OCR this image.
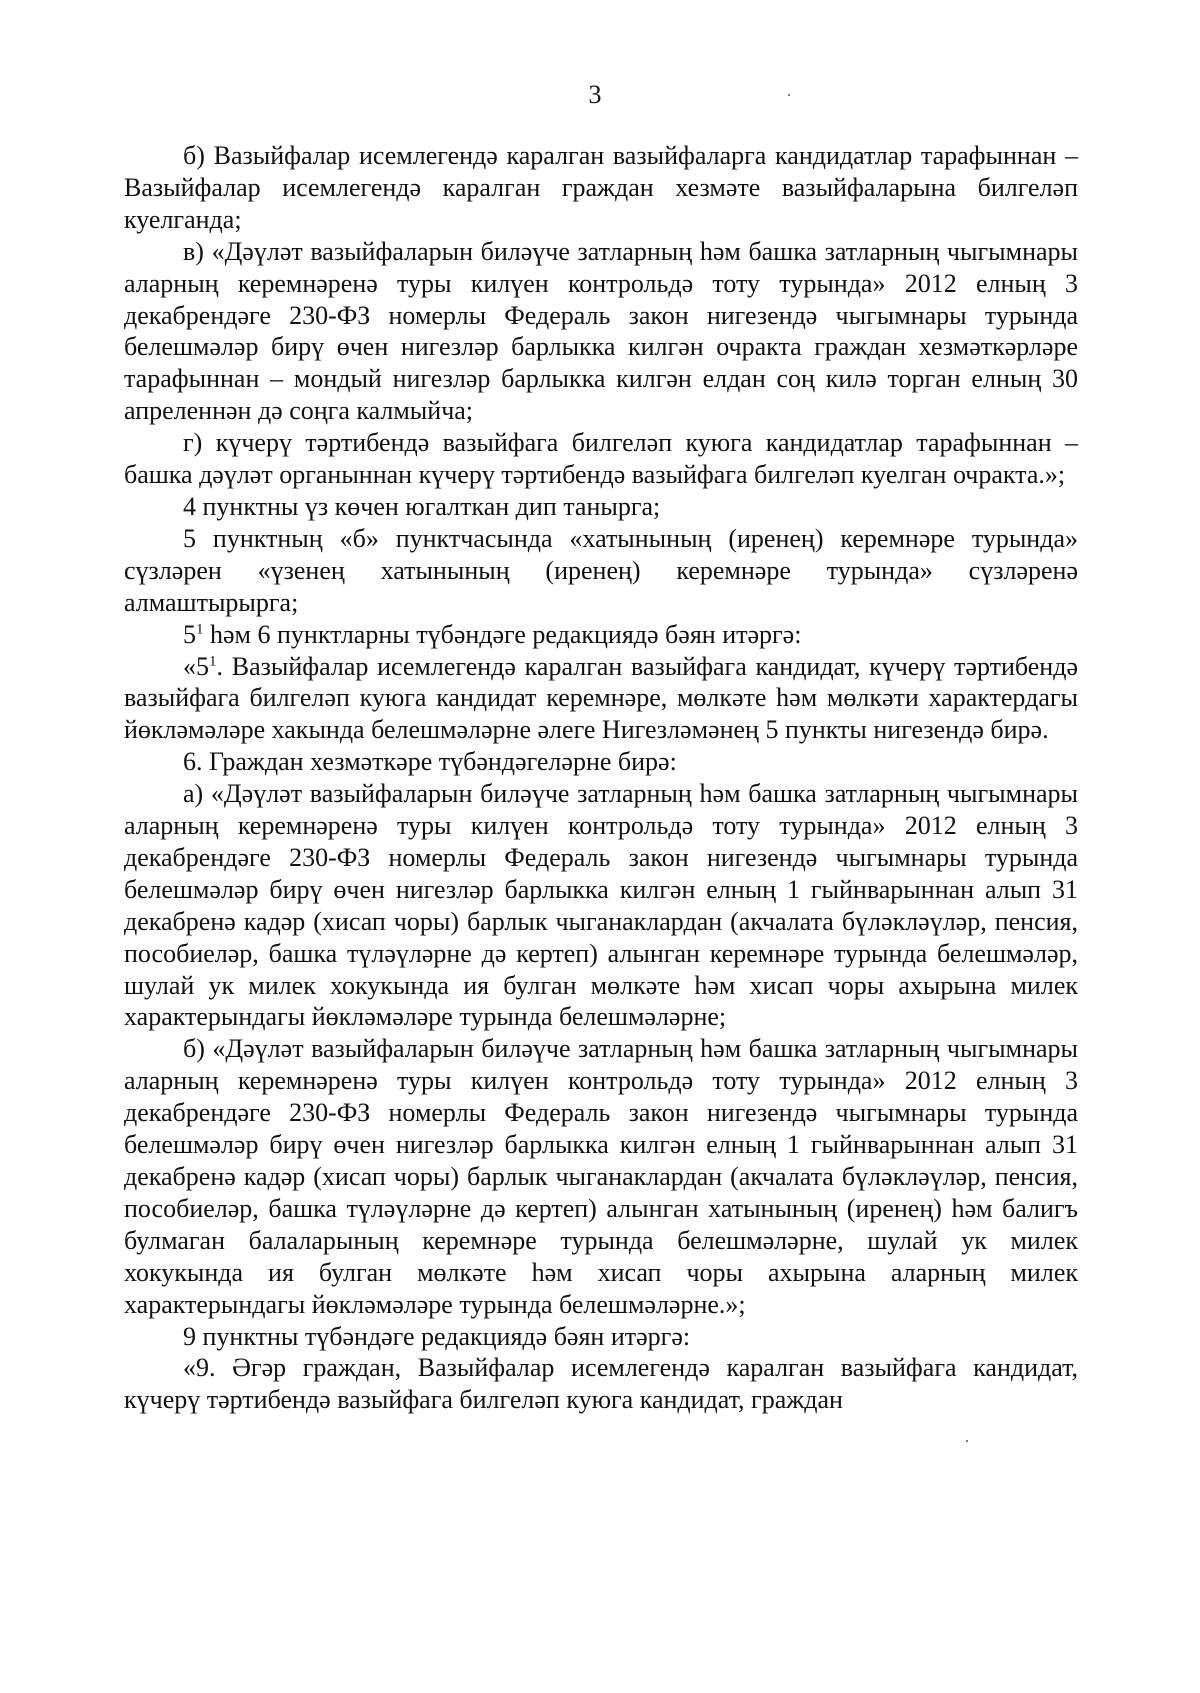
3

б) Вазыйфалар исемлегендә каралган вазыйфаларга кандидатлар тарафыннан – Вазыйфалар исемлегендә каралган граждан хезмәте вазыйфаларына билгеләп куелганда;

в) «Дәүләт вазыйфаларын биләүче затларның һәм башка затларның чыгымнары аларның керемнәренә туры килүен контрольдә тоту турында» 2012 елның 3 декабрендәге 230-ФЗ номерлы Федераль закон нигезендә чыгымнары турында белешмәләр бирү өчен нигезләр барлыкка килгән очракта граждан хезмәткәрләре тарафыннан – мондый нигезләр барлыкка килгән елдан соң килә торган елның 30 апреленнән дә соңга калмыйча;

г) күчерү тәртибендә вазыйфага билгеләп куюга кандидатлар тарафыннан – башка дәүләт органыннан күчерү тәртибендә вазыйфага билгеләп куелган очракта.»;

4 пунктны үз көчен югалткан дип танырга;

5 пунктның «б» пунктчасында «хатынының (иренең) керемнәре турында» сүзләрен «үзенең хатынының (иренең) керемнәре турында» сүзләренә алмаштырырга;

$5^1$ һәм 6 пунктларны түбәндәге редакциядә бәян итәргә:

«$5^1$. Вазыйфалар исемлегендә каралган вазыйфага кандидат, күчерү тәртибендә вазыйфага билгеләп куюга кандидат керемнәре, мөлкәте һәм мөлкәти характердагы йөкләмәләре хакында белешмәләрне әлеге Нигезләмәнең 5 пункты нигезендә бирә.

6. Граждан хезмәткәре түбәндәгеләрне бирә:

а) «Дәүләт вазыйфаларын биләүче затларның һәм башка затларның чыгымнары аларның керемнәренә туры килүен контрольдә тоту турында» 2012 елның 3 декабрендәге 230-ФЗ номерлы Федераль закон нигезендә чыгымнары турында белешмәләр бирү өчен нигезләр барлыкка килгән елның 1 гыйнварыннан алып 31 декабренә кадәр (хисап чоры) барлык чыганаклардан (акчалата бүләкләүләр, пенсия, пособиеләр, башка түләүләрне дә кертеп) алынган керемнәре турында белешмәләр, шулай ук милек хокукында ия булган мөлкәте һәм хисап чоры ахырына милек характерындагы йөкләмәләре турында белешмәләрне;

б) «Дәүләт вазыйфаларын биләүче затларның һәм башка затларның чыгымнары аларның керемнәренә туры килүен контрольдә тоту турында» 2012 елның 3 декабрендәге 230-ФЗ номерлы Федераль закон нигезендә чыгымнары турында белешмәләр бирү өчен нигезләр барлыкка килгән елның 1 гыйнварыннан алып 31 декабренә кадәр (хисап чоры) барлык чыганаклардан (акчалата бүләкләүләр, пенсия, пособиеләр, башка түләүләрне дә кертеп) алынган хатынының (иренең) һәм балигъ булмаган балаларының керемнәре турында белешмәләрне, шулай ук милек хокукында ия булган мөлкәте һәм хисап чоры ахырына аларның милек характерындагы йөкләмәләре турында белешмәләрне.»;

9 пунктны түбәндәге редакциядә бәян итәргә:

«9. Әгәр граждан, Вазыйфалар исемлегендә каралган вазыйфага кандидат, күчерү тәртибендә вазыйфага билгеләп куюга кандидат, граждан
